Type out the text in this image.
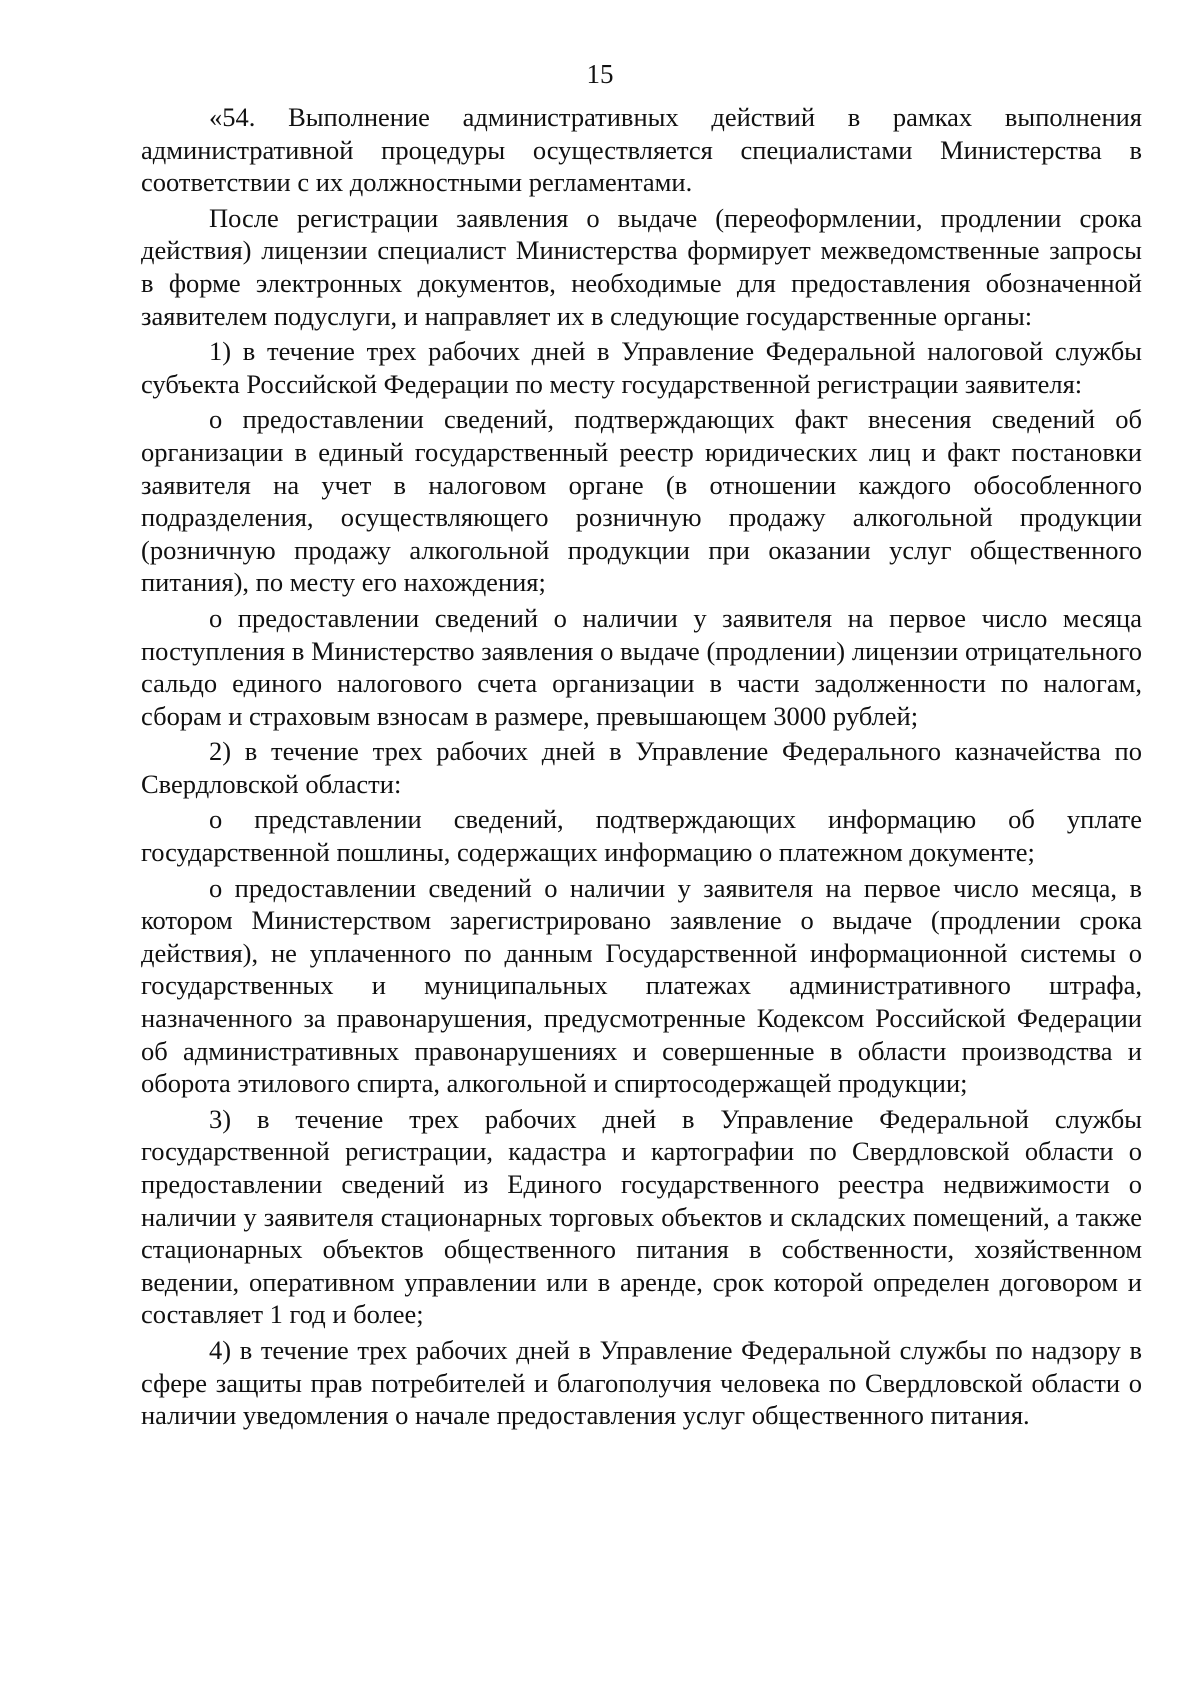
15

«54. Выполнение административных действий в рамках выполнения административной процедуры осуществляется специалистами Министерства в соответствии с их должностными регламентами.

После регистрации заявления о выдаче (переоформлении, продлении срока действия) лицензии специалист Министерства формирует межведомственные запросы в форме электронных документов, необходимые для предоставления обозначенной заявителем подуслуги, и направляет их в следующие государственные органы:

1) в течение трех рабочих дней в Управление Федеральной налоговой службы субъекта Российской Федерации по месту государственной регистрации заявителя:

о предоставлении сведений, подтверждающих факт внесения сведений об организации в единый государственный реестр юридических лиц и факт постановки заявителя на учет в налоговом органе (в отношении каждого обособленного подразделения, осуществляющего розничную продажу алкогольной продукции (розничную продажу алкогольной продукции при оказании услуг общественного питания), по месту его нахождения;

о предоставлении сведений о наличии у заявителя на первое число месяца поступления в Министерство заявления о выдаче (продлении) лицензии отрицательного сальдо единого налогового счета организации в части задолженности по налогам, сборам и страховым взносам в размере, превышающем 3000 рублей;

2) в течение трех рабочих дней в Управление Федерального казначейства по Свердловской области:

о представлении сведений, подтверждающих информацию об уплате государственной пошлины, содержащих информацию о платежном документе;

о предоставлении сведений о наличии у заявителя на первое число месяца, в котором Министерством зарегистрировано заявление о выдаче (продлении срока действия), не уплаченного по данным Государственной информационной системы о государственных и муниципальных платежах административного штрафа, назначенного за правонарушения, предусмотренные Кодексом Российской Федерации об административных правонарушениях и совершенные в области производства и оборота этилового спирта, алкогольной и спиртосодержащей продукции;

3) в течение трех рабочих дней в Управление Федеральной службы государственной регистрации, кадастра и картографии по Свердловской области о предоставлении сведений из Единого государственного реестра недвижимости о наличии у заявителя стационарных торговых объектов и складских помещений, а также стационарных объектов общественного питания в собственности, хозяйственном ведении, оперативном управлении или в аренде, срок которой определен договором и составляет 1 год и более;

4) в течение трех рабочих дней в Управление Федеральной службы по надзору в сфере защиты прав потребителей и благополучия человека по Свердловской области о наличии уведомления о начале предоставления услуг общественного питания.
